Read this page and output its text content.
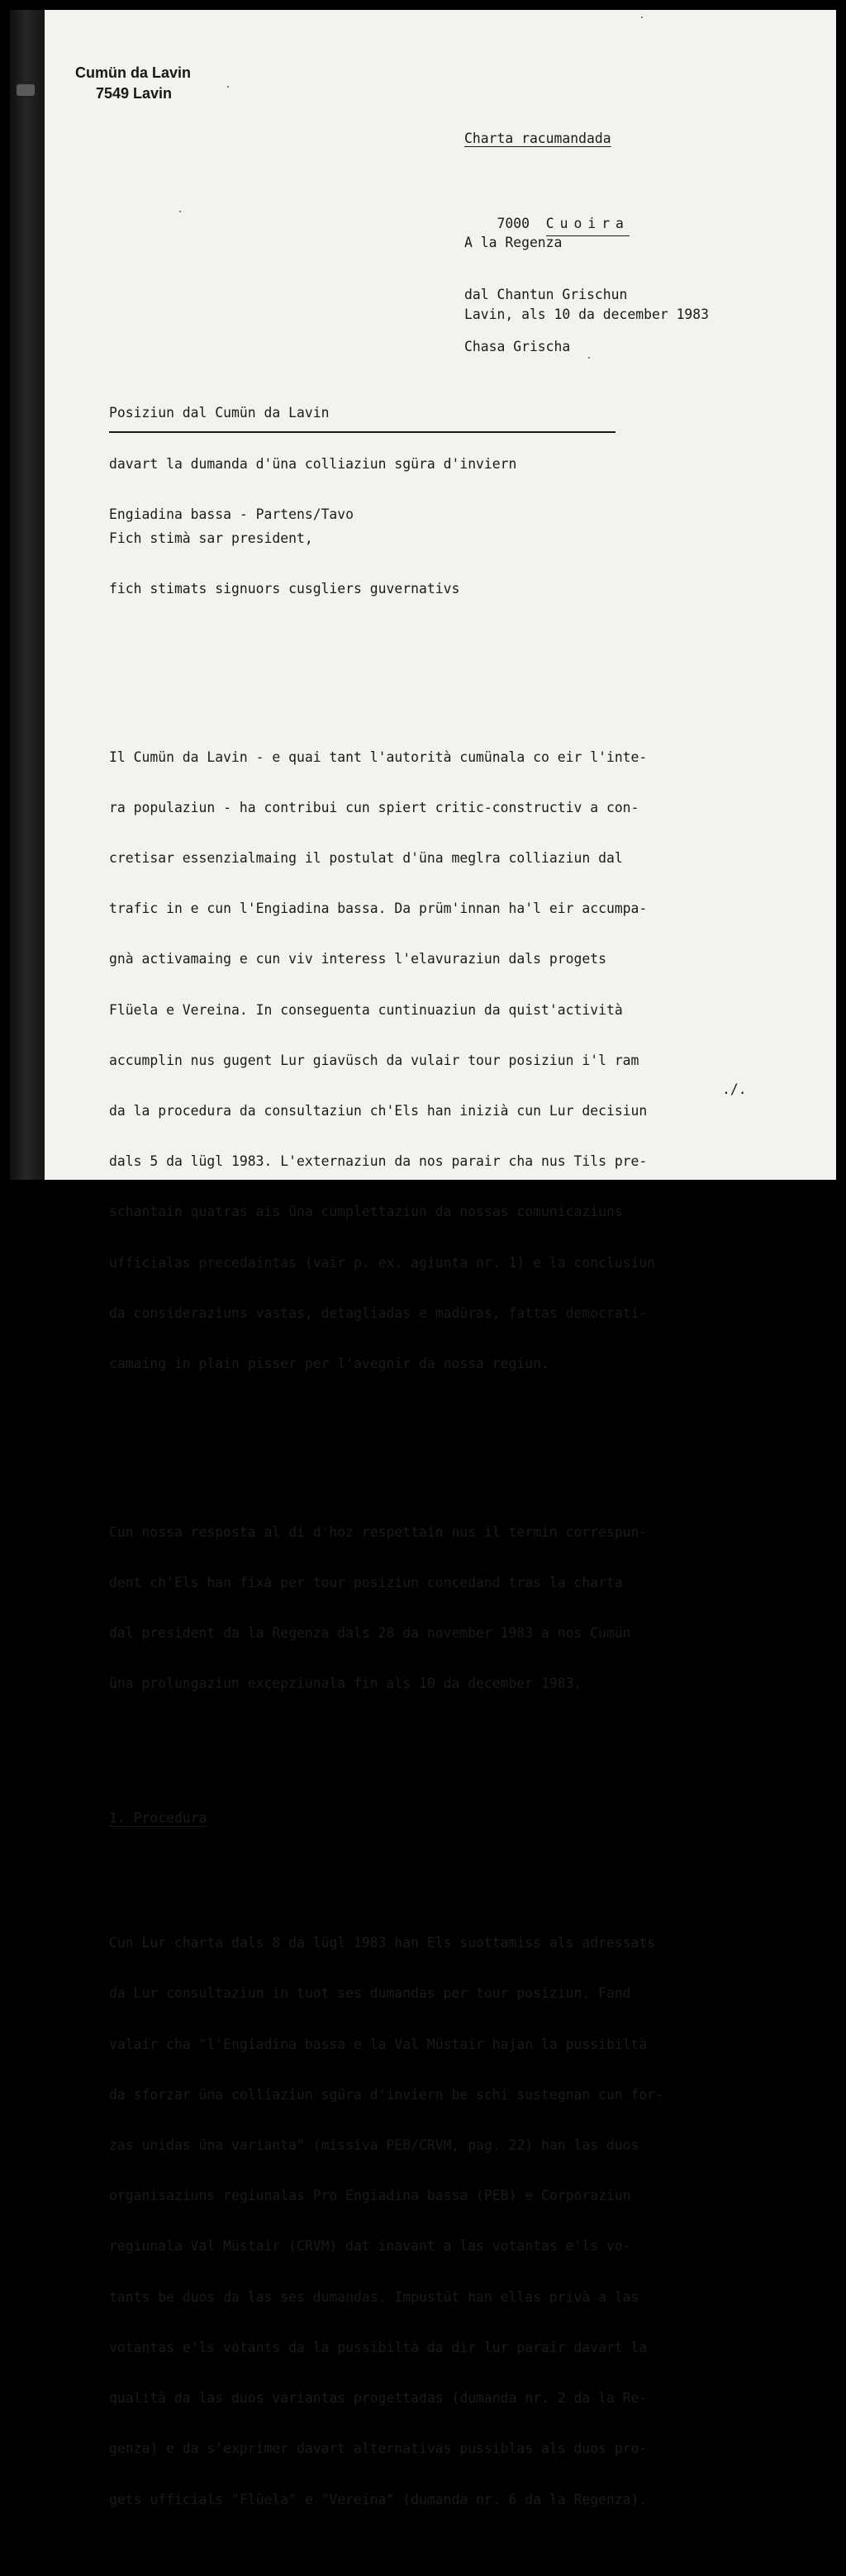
Cumün da Lavin
7549 Lavin

Charta racumandada

A la Regenza

dal Chantun Grischun

Chasa Grischa

7000 Cuoira

Lavin, als 10 da december 1983

Posiziun dal Cumün da Lavin

davart la dumanda d'üna colliaziun sgüra d'inviern

Engiadina bassa - Partens/Tavo

Fich stimà sar president,

fich stimats signuors cusgliers guvernativs

Il Cumün da Lavin - e quai tant l'autorità cumünala co eir l'inte-

ra populaziun - ha contribui cun spiert critic-constructiv a con-

cretisar essenzialmaing il postulat d'üna meglra colliaziun dal

trafic in e cun l'Engiadina bassa. Da prüm'innan ha'l eir accumpa-

gnà activamaing e cun viv interess l'elavuraziun dals progets

Flüela e Vereina. In conseguenta cuntinuaziun da quist'actività

accumplin nus gugent Lur giavüsch da vulair tour posiziun i'l ram

da la procedura da consultaziun ch'Els han inizià cun Lur decisiun

dals 5 da lügl 1983. L'externaziun da nos parair cha nus Tils pre-

schantain quatras ais üna cumplettaziun da nossas comunicaziuns

ufficialas precedaintas (vair p. ex. agiunta nr. 1) e la conclusiun

da consideraziuns vastas, detagliadas e madüras, fattas democrati-

camaing in plain pisser per l'avegnir da nossa regiun.

Cun nossa resposta al di d'hoz respettain nus il termin correspun-

dent ch'Els han fixà per tour posiziun concedand tras la charta

dal president da la Regenza dals 28 da november 1983 a nos Cumün

üna prolungaziun excepziunala fin als 10 da december 1983.

1. Procedura

Cun Lur charta dals 8 da lügl 1983 han Els suottamiss als adressats

da Lur consultaziun in tuot ses dumandas per tour posiziun. Fand

valair cha "l'Engiadina bassa e la Val Müstair hajan la pussibiltà

da sforzar üna colliaziun sgüra d'inviern be schi sustegnan cun for-

zas unidas üna varianta" (missiva PEB/CRVM, pag. 22) han las duos

organisaziuns regiunalas Pro Engiadina bassa (PEB) e Corporaziun

regiunala Val Müstair (CRVM) dat inavant a las votantas e'ls vo-

tants be duos da las ses dumandas. Impustüt han ellas privà a las

votantas e'ls votants da la pussibiltà da dir lur parair davart la

qualità da las duos variantas progettadas (dumanda nr. 2 da la Re-

genza) e da s'exprimer davart alternativas pussiblas als duos pro-

gets ufficials "Flüela" e "Vereina" (dumanda nr. 6 da la Regenza).

./.
